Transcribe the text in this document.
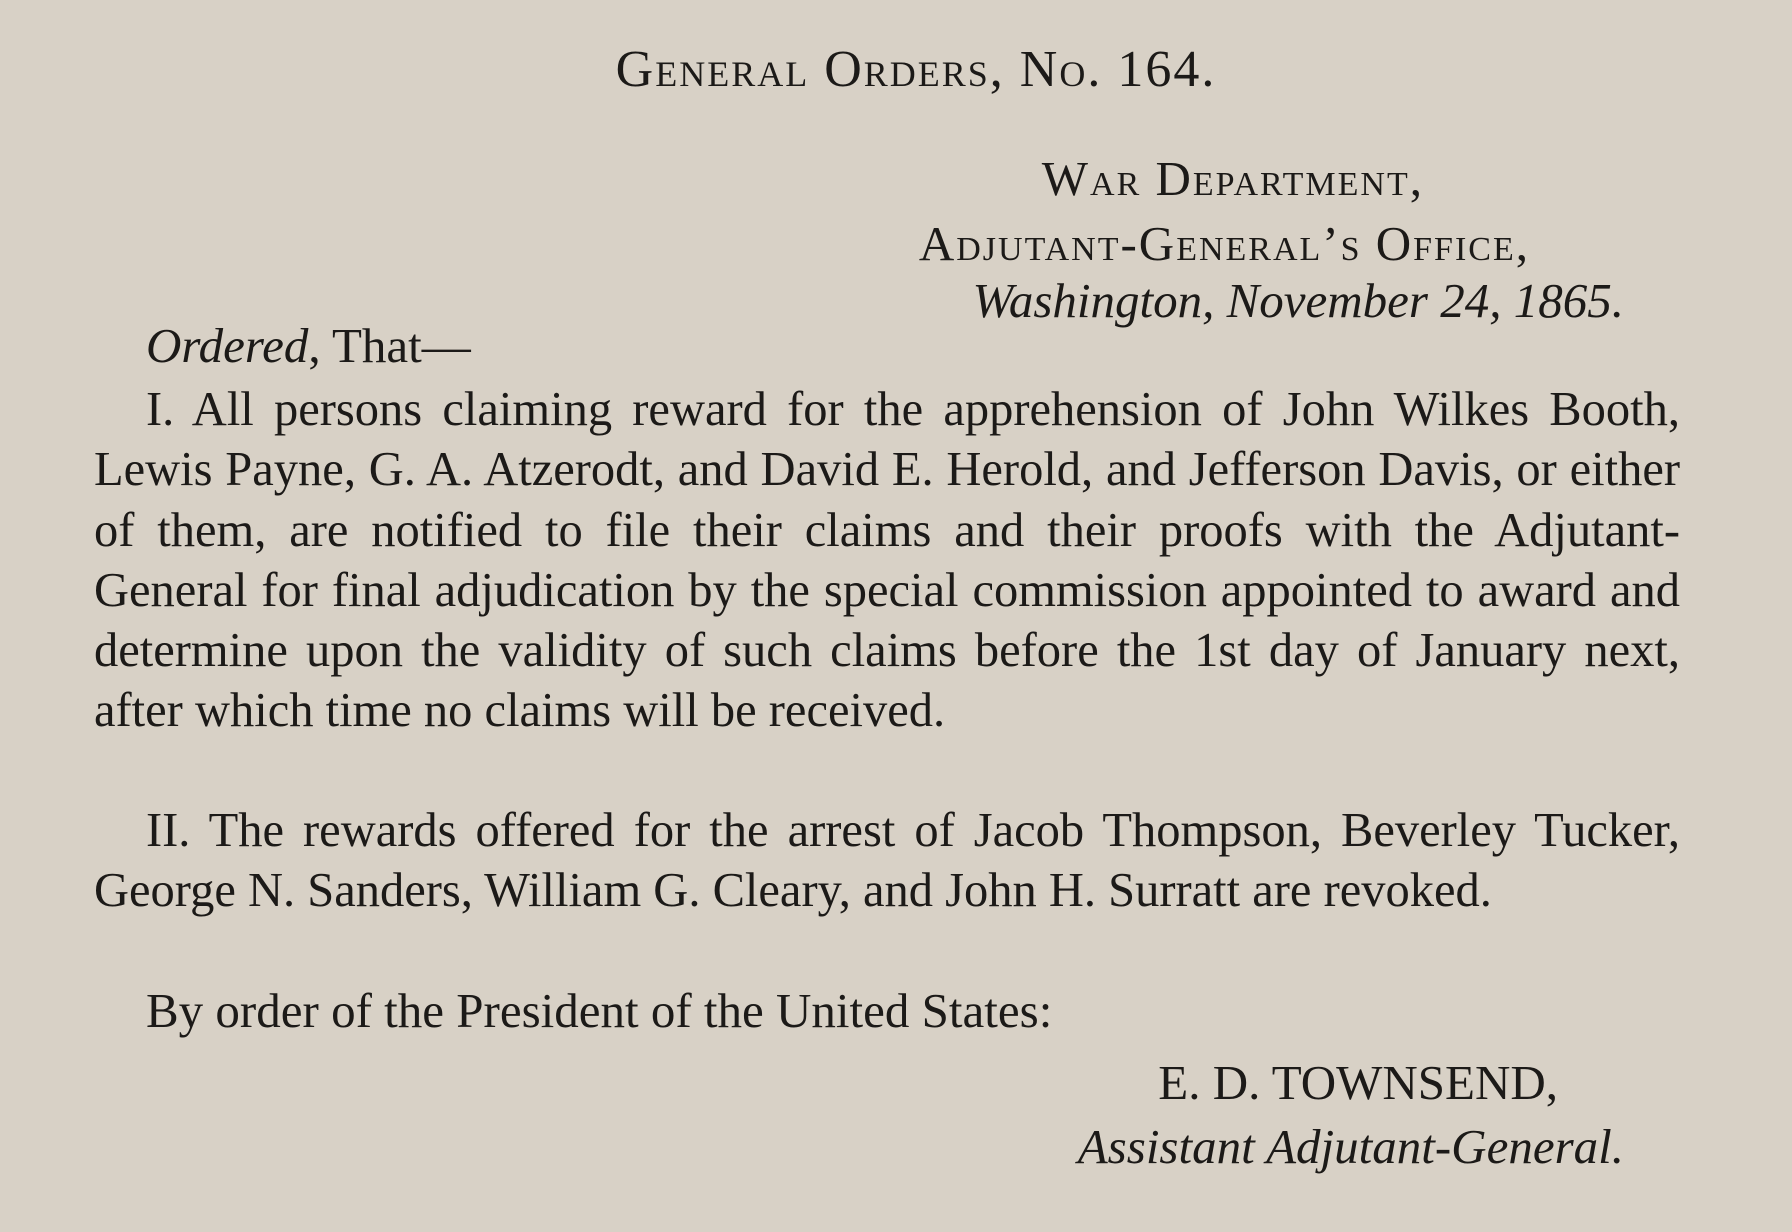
General Orders, No. 164.
War Department,
Adjutant-General’s Office,
Washington, November 24, 1865.
Ordered, That—

I. All persons claiming reward for the apprehension of John Wilkes Booth, Lewis Payne, G. A. Atzerodt, and David E. Herold, and Jefferson Davis, or either of them, are notified to file their claims and their proofs with the Adjutant-General for final adjudication by the special commission appointed to award and determine upon the validity of such claims before the 1st day of January next, after which time no claims will be received.

II. The rewards offered for the arrest of Jacob Thompson, Beverley Tucker, George N. Sanders, William G. Cleary, and John H. Surratt are revoked.

By order of the President of the United States:
E. D. TOWNSEND,
Assistant Adjutant-General.
